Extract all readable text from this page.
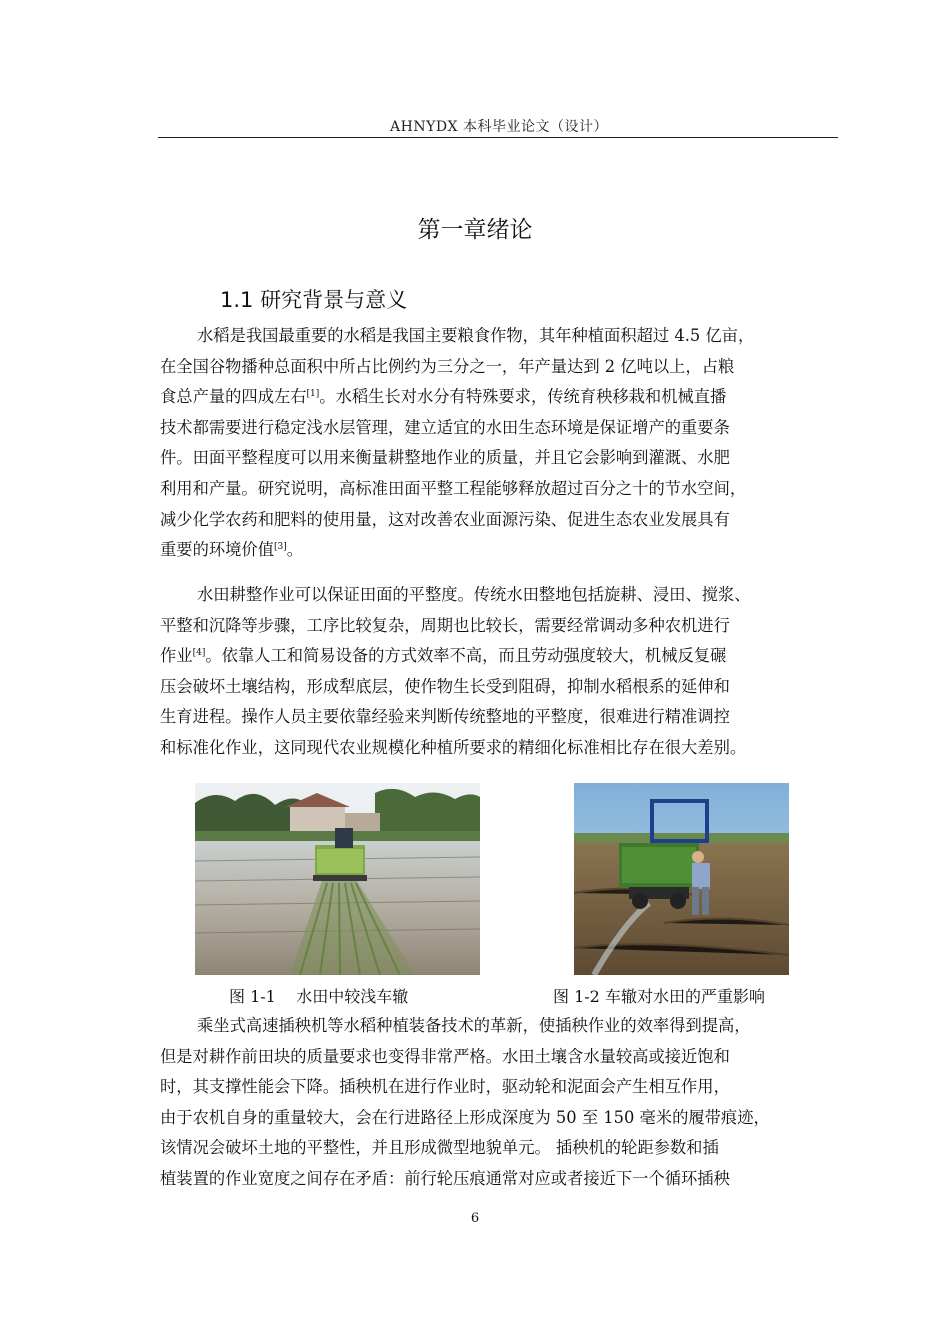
AHNYDX 本科毕业论文（设计）
第一章绪论
1.1 研究背景与意义
水稻是我国最重要的水稻是我国主要粮食作物，其年种植面积超过 4.5 亿亩，
在全国谷物播种总面积中所占比例约为三分之一，年产量达到 2 亿吨以上，占粮
食总产量的四成左右[1]。水稻生长对水分有特殊要求，传统育秧移栽和机械直播
技术都需要进行稳定浅水层管理，建立适宜的水田生态环境是保证增产的重要条
件。田面平整程度可以用来衡量耕整地作业的质量，并且它会影响到灌溉、水肥
利用和产量。研究说明，高标准田面平整工程能够释放超过百分之十的节水空间，
减少化学农药和肥料的使用量，这对改善农业面源污染、促进生态农业发展具有
重要的环境价值[3]。
水田耕整作业可以保证田面的平整度。传统水田整地包括旋耕、浸田、搅浆、
平整和沉降等步骤，工序比较复杂，周期也比较长，需要经常调动多种农机进行
作业[4]。依靠人工和简易设备的方式效率不高，而且劳动强度较大，机械反复碾
压会破坏土壤结构，形成犁底层，使作物生长受到阻碍，抑制水稻根系的延伸和
生育进程。操作人员主要依靠经验来判断传统整地的平整度，很难进行精准调控
和标准化作业，这同现代农业规模化种植所要求的精细化标准相比存在很大差别。
图 1-1 水田中较浅车辙	图 1-2 车辙对水田的严重影响
乘坐式高速插秧机等水稻种植装备技术的革新，使插秧作业的效率得到提高，
但是对耕作前田块的质量要求也变得非常严格。水田土壤含水量较高或接近饱和
时，其支撑性能会下降。插秧机在进行作业时，驱动轮和泥面会产生相互作用，
由于农机自身的重量较大，会在行进路径上形成深度为 50 至 150 毫米的履带痕迹，
该情况会破坏土地的平整性，并且形成微型地貌单元。 插秧机的轮距参数和插
植装置的作业宽度之间存在矛盾：前行轮压痕通常对应或者接近下一个循环插秧
6
